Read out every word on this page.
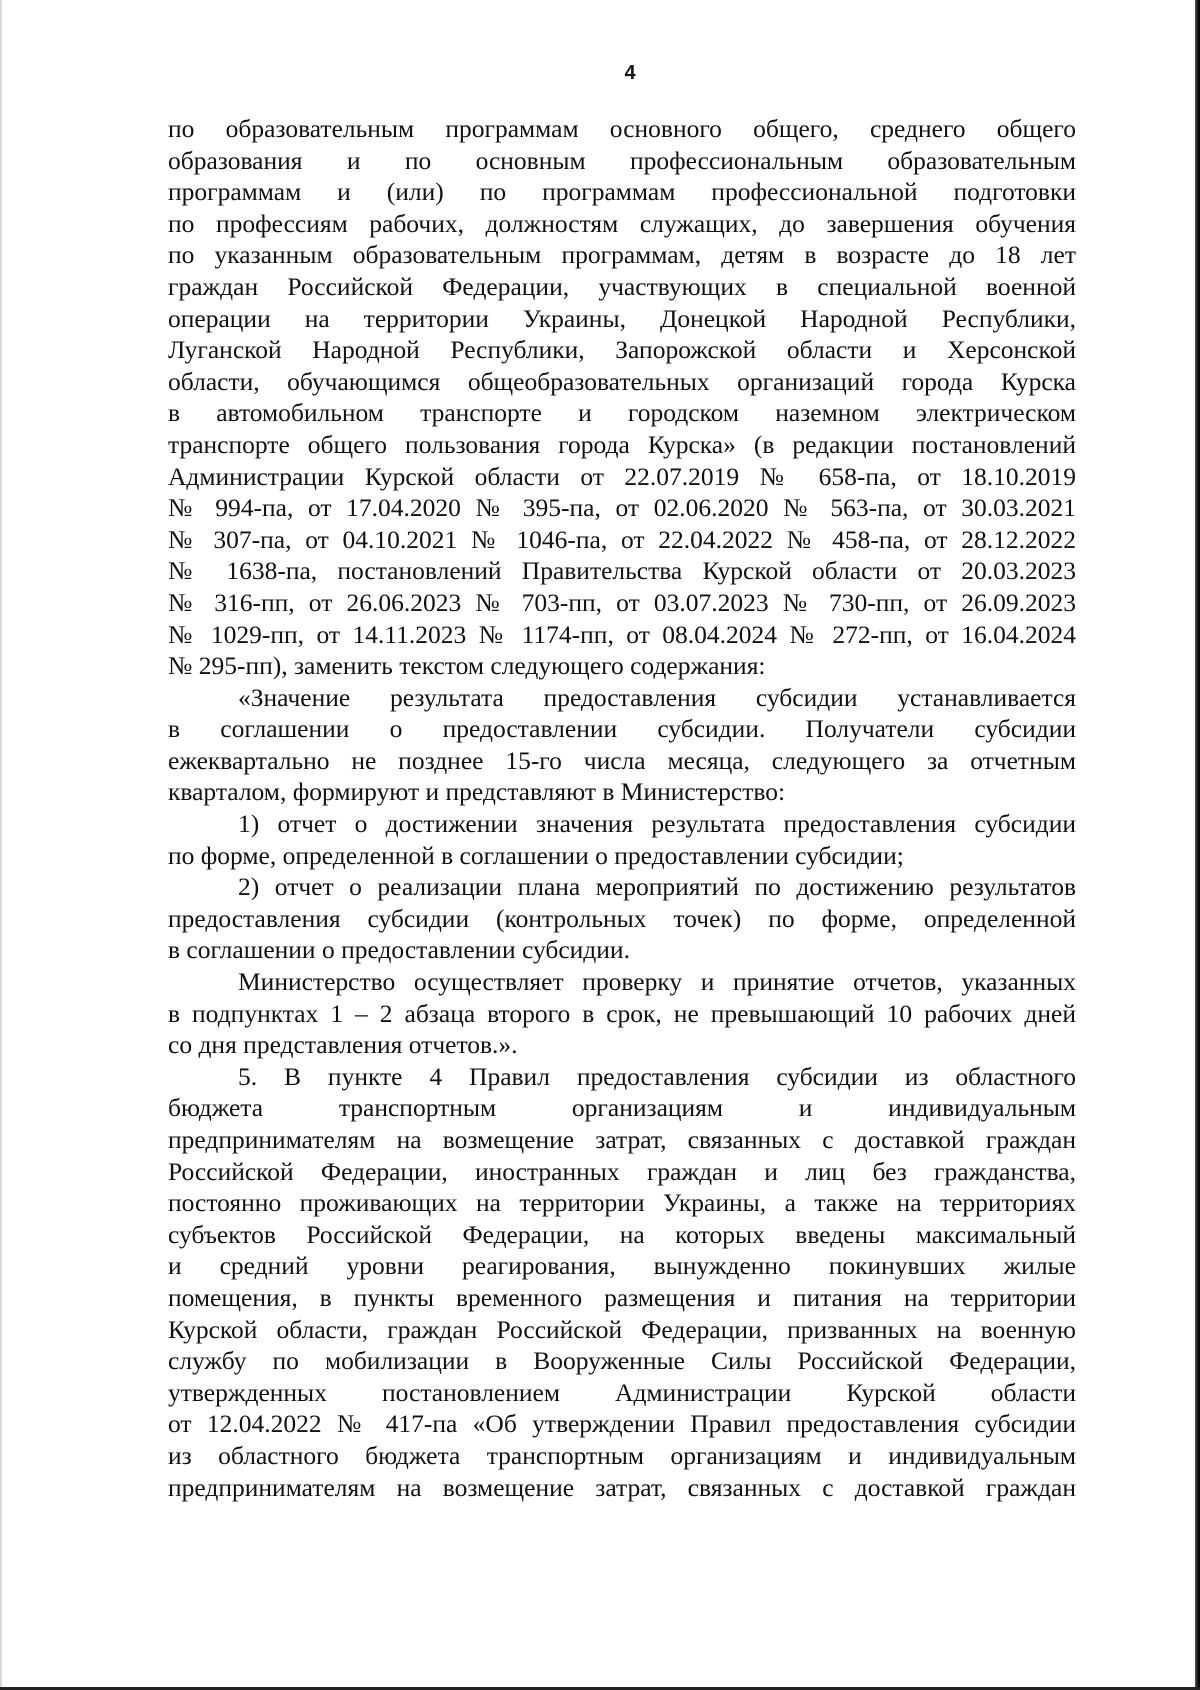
4

по образовательным программам основного общего, среднего общего

образования и по основным профессиональным образовательным

программам и (или) по программам профессиональной подготовки

по профессиям рабочих, должностям служащих, до завершения обучения

по указанным образовательным программам, детям в возрасте до 18 лет

граждан Российской Федерации, участвующих в специальной военной

операции на территории Украины, Донецкой Народной Республики,

Луганской Народной Республики, Запорожской области и Херсонской

области, обучающимся общеобразовательных организаций города Курска

в автомобильном транспорте и городском наземном электрическом

транспорте общего пользования города Курска» (в редакции постановлений

Администрации Курской области от 22.07.2019 № 658-па, от 18.10.2019

№ 994-па, от 17.04.2020 № 395-па, от 02.06.2020 № 563-па, от 30.03.2021

№ 307-па, от 04.10.2021 № 1046-па, от 22.04.2022 № 458-па, от 28.12.2022

№ 1638-па, постановлений Правительства Курской области от 20.03.2023

№ 316-пп, от 26.06.2023 № 703-пп, от 03.07.2023 № 730-пп, от 26.09.2023

№ 1029-пп, от 14.11.2023 № 1174-пп, от 08.04.2024 № 272-пп, от 16.04.2024

№ 295-пп), заменить текстом следующего содержания:

«Значение результата предоставления субсидии устанавливается

в соглашении о предоставлении субсидии. Получатели субсидии

ежеквартально не позднее 15-го числа месяца, следующего за отчетным

кварталом, формируют и представляют в Министерство:

1) отчет о достижении значения результата предоставления субсидии

по форме, определенной в соглашении о предоставлении субсидии;

2) отчет о реализации плана мероприятий по достижению результатов

предоставления субсидии (контрольных точек) по форме, определенной

в соглашении о предоставлении субсидии.

Министерство осуществляет проверку и принятие отчетов, указанных

в подпунктах 1 – 2 абзаца второго в срок, не превышающий 10 рабочих дней

со дня представления отчетов.».

5. В пункте 4 Правил предоставления субсидии из областного

бюджета транспортным организациям и индивидуальным

предпринимателям на возмещение затрат, связанных с доставкой граждан

Российской Федерации, иностранных граждан и лиц без гражданства,

постоянно проживающих на территории Украины, а также на территориях

субъектов Российской Федерации, на которых введены максимальный

и средний уровни реагирования, вынужденно покинувших жилые

помещения, в пункты временного размещения и питания на территории

Курской области, граждан Российской Федерации, призванных на военную

службу по мобилизации в Вооруженные Силы Российской Федерации,

утвержденных постановлением Администрации Курской области

от 12.04.2022 № 417-па «Об утверждении Правил предоставления субсидии

из областного бюджета транспортным организациям и индивидуальным

предпринимателям на возмещение затрат, связанных с доставкой граждан
